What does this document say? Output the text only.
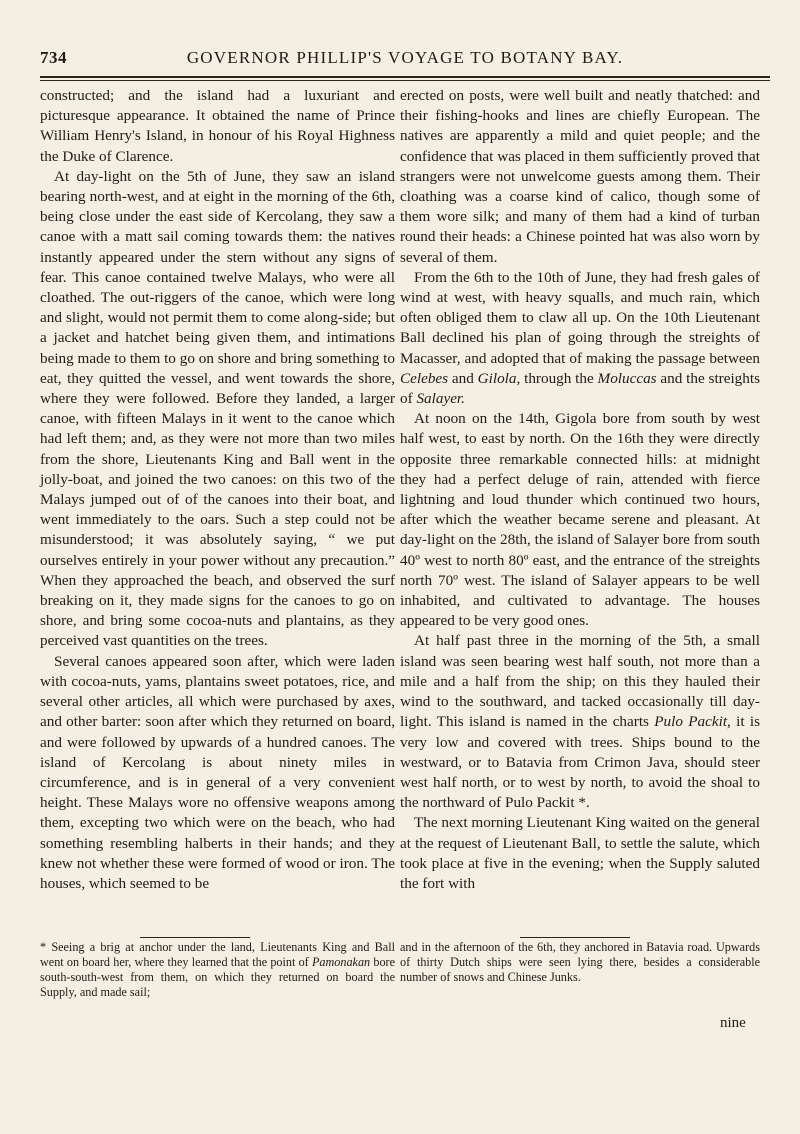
734	GOVERNOR PHILLIP'S VOYAGE TO BOTANY BAY.

constructed; and the island had a luxuriant and picturesque appearance. It obtained the name of Prince William Henry's Island, in honour of his Royal Highness the Duke of Clarence.

At day-light on the 5th of June, they saw an island bearing north-west, and at eight in the morning of the 6th, being close under the east side of Kercolang, they saw a canoe with a matt sail coming towards them: the natives instantly appeared under the stern without any signs of fear. This canoe contained twelve Malays, who were all cloathed. The out-riggers of the canoe, which were long and slight, would not permit them to come along-side; but a jacket and hatchet being given them, and intimations being made to them to go on shore and bring something to eat, they quitted the vessel, and went towards the shore, where they were followed. Before they landed, a larger canoe, with fifteen Malays in it went to the canoe which had left them; and, as they were not more than two miles from the shore, Lieutenants King and Ball went in the jolly-boat, and joined the two canoes: on this two of the Malays jumped out of of the canoes into their boat, and went immediately to the oars. Such a step could not be misunderstood; it was absolutely saying, “ we put ourselves entirely in your power without any precaution.” When they approached the beach, and observed the surf breaking on it, they made signs for the canoes to go on shore, and bring some cocoa-nuts and plantains, as they perceived vast quantities on the trees.

Several canoes appeared soon after, which were laden with cocoa-nuts, yams, plantains sweet potatoes, rice, and several other articles, all which were purchased by axes, and other barter: soon after which they returned on board, and were followed by upwards of a hundred canoes. The island of Kercolang is about ninety miles in circumference, and is in general of a very convenient height. These Malays wore no offensive weapons among them, excepting two which were on the beach, who had something resembling halberts in their hands; and they knew not whether these were formed of wood or iron. The houses, which seemed to be

erected on posts, were well built and neatly thatched: and their fishing-hooks and lines are chiefly European. The natives are apparently a mild and quiet people; and the confidence that was placed in them sufficiently proved that strangers were not unwelcome guests among them. Their cloathing was a coarse kind of calico, though some of them wore silk; and many of them had a kind of turban round their heads: a Chinese pointed hat was also worn by several of them.

From the 6th to the 10th of June, they had fresh gales of wind at west, with heavy squalls, and much rain, which often obliged them to claw all up. On the 10th Lieutenant Ball declined his plan of going through the streights of Macasser, and adopted that of making the passage between Celebes and Gilola, through the Moluccas and the streights of Salayer.

At noon on the 14th, Gigola bore from south by west half west, to east by north. On the 16th they were directly opposite three remarkable connected hills: at midnight they had a perfect deluge of rain, attended with fierce lightning and loud thunder which continued two hours, after which the weather became serene and pleasant. At day-light on the 28th, the island of Salayer bore from south 40º west to north 80º east, and the entrance of the streights north 70º west. The island of Salayer appears to be well inhabited, and cultivated to advantage. The houses appeared to be very good ones.

At half past three in the morning of the 5th, a small island was seen bearing west half south, not more than a mile and a half from the ship; on this they hauled their wind to the southward, and tacked occasionally till day-light. This island is named in the charts Pulo Packit, it is very low and covered with trees. Ships bound to the westward, or to Batavia from Crimon Java, should steer west half north, or to west by north, to avoid the shoal to the northward of Pulo Packit *.

The next morning Lieutenant King waited on the general at the request of Lieutenant Ball, to settle the salute, which took place at five in the evening; when the Supply saluted the fort with

* Seeing a brig at anchor under the land, Lieutenants King and Ball went on board her, where they learned that the point of Pamonakan bore south-south-west from them, on which they returned on board the Supply, and made sail;
and in the afternoon of the 6th, they anchored in Batavia road. Upwards of thirty Dutch ships were seen lying there, besides a considerable number of snows and Chinese Junks.
nine
